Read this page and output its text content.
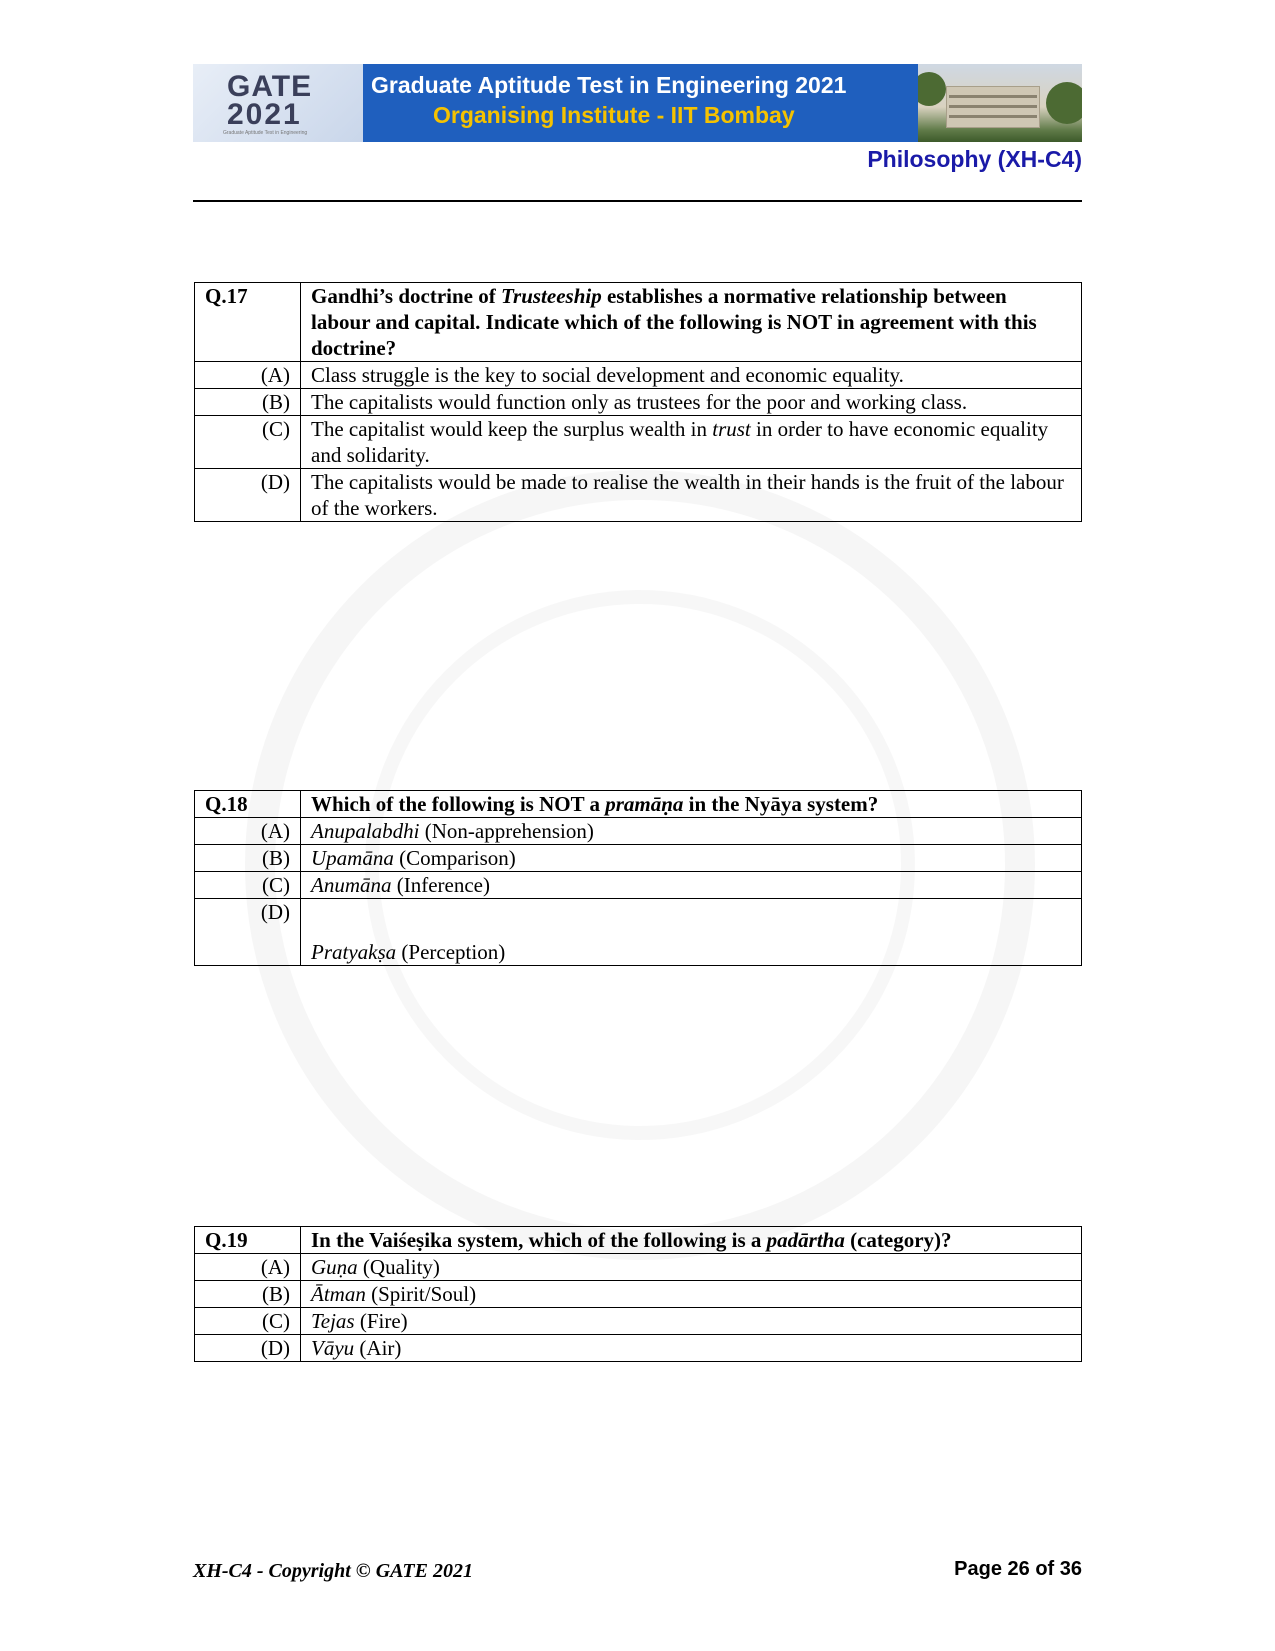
GATE
2021
Graduate Aptitude Test in Engineering
Graduate Aptitude Test in Engineering 2021
Organising Institute - IIT Bombay
Philosophy (XH-C4)
Q.17	Gandhi’s doctrine of Trusteeship establishes a normative relationship between labour and capital. Indicate which of the following is NOT in agreement with this doctrine?
(A)	Class struggle is the key to social development and economic equality.
(B)	The capitalists would function only as trustees for the poor and working class.
(C)	The capitalist would keep the surplus wealth in trust in order to have economic equality and solidarity.
(D)	The capitalists would be made to realise the wealth in their hands is the fruit of the labour of the workers.
Q.18	Which of the following is NOT a pramāṇa in the Nyāya system?
(A)	Anupalabdhi (Non-apprehension)
(B)	Upamāna (Comparison)
(C)	Anumāna (Inference)
(D)	Pratyakṣa (Perception)
Q.19	In the Vaiśeṣika system, which of the following is a padārtha (category)?
(A)	Guṇa (Quality)
(B)	Ātman (Spirit/Soul)
(C)	Tejas (Fire)
(D)	Vāyu (Air)
XH-C4 - Copyright © GATE 2021	Page 26 of 36
